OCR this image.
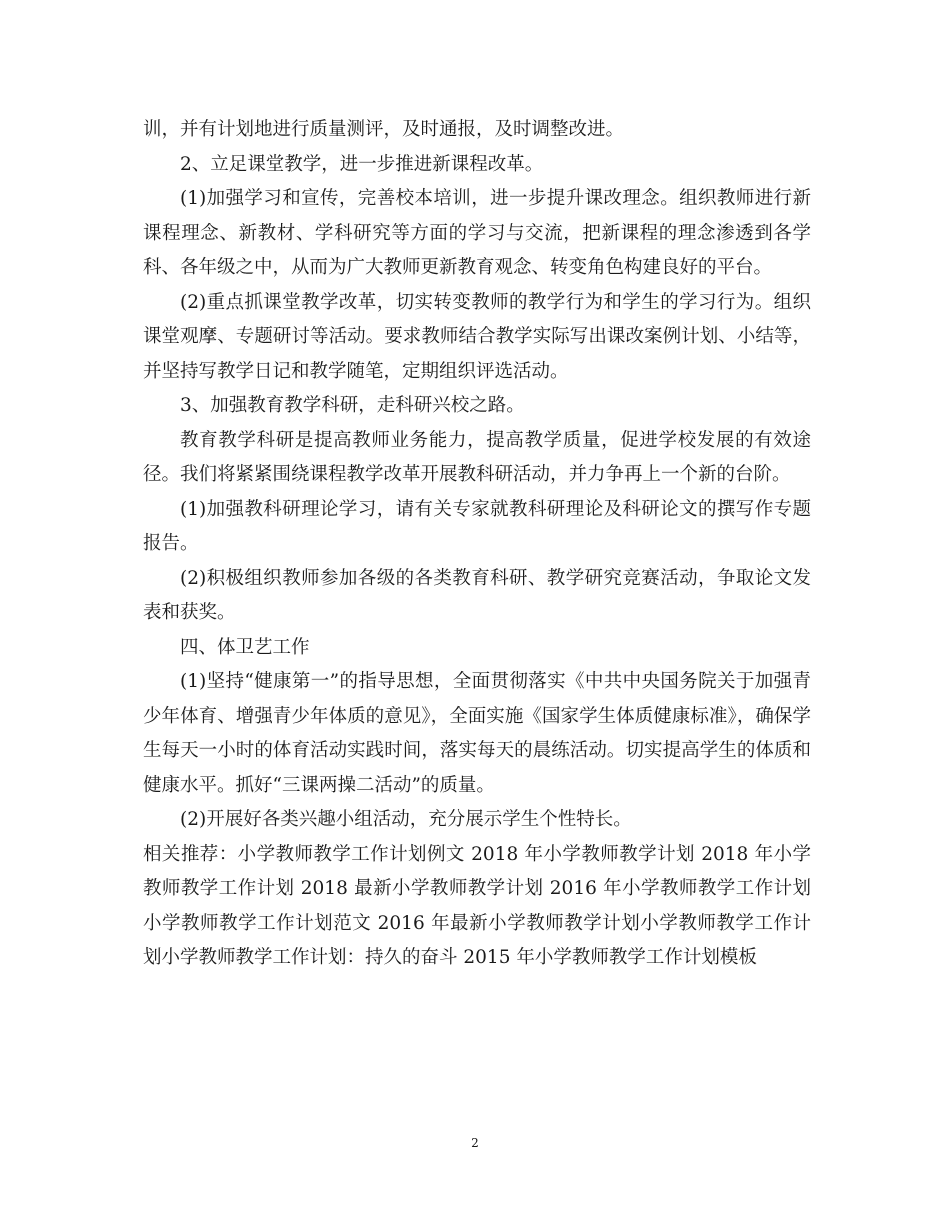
训，并有计划地进行质量测评，及时通报，及时调整改进。

2、立足课堂教学，进一步推进新课程改革。

(1)加强学习和宣传，完善校本培训，进一步提升课改理念。组织教师进行新课程理念、新教材、学科研究等方面的学习与交流，把新课程的理念渗透到各学科、各年级之中，从而为广大教师更新教育观念、转变角色构建良好的平台。

(2)重点抓课堂教学改革，切实转变教师的教学行为和学生的学习行为。组织课堂观摩、专题研讨等活动。要求教师结合教学实际写出课改案例计划、小结等，并坚持写教学日记和教学随笔，定期组织评选活动。

3、加强教育教学科研，走科研兴校之路。

教育教学科研是提高教师业务能力，提高教学质量，促进学校发展的有效途径。我们将紧紧围绕课程教学改革开展教科研活动，并力争再上一个新的台阶。

(1)加强教科研理论学习，请有关专家就教科研理论及科研论文的撰写作专题报告。

(2)积极组织教师参加各级的各类教育科研、教学研究竞赛活动，争取论文发表和获奖。

四、体卫艺工作

(1)坚持“健康第一”的指导思想，全面贯彻落实《中共中央国务院关于加强青少年体育、增强青少年体质的意见》，全面实施《国家学生体质健康标准》，确保学生每天一小时的体育活动实践时间，落实每天的晨练活动。切实提高学生的体质和健康水平。抓好“三课两操二活动”的质量。

(2)开展好各类兴趣小组活动，充分展示学生个性特长。

相关推荐：小学教师教学工作计划例文 2018 年小学教师教学计划 2018 年小学教师教学工作计划 2018 最新小学教师教学计划 2016 年小学教师教学工作计划小学教师教学工作计划范文 2016 年最新小学教师教学计划小学教师教学工作计划小学教师教学工作计划：持久的奋斗 2015 年小学教师教学工作计划模板

2
